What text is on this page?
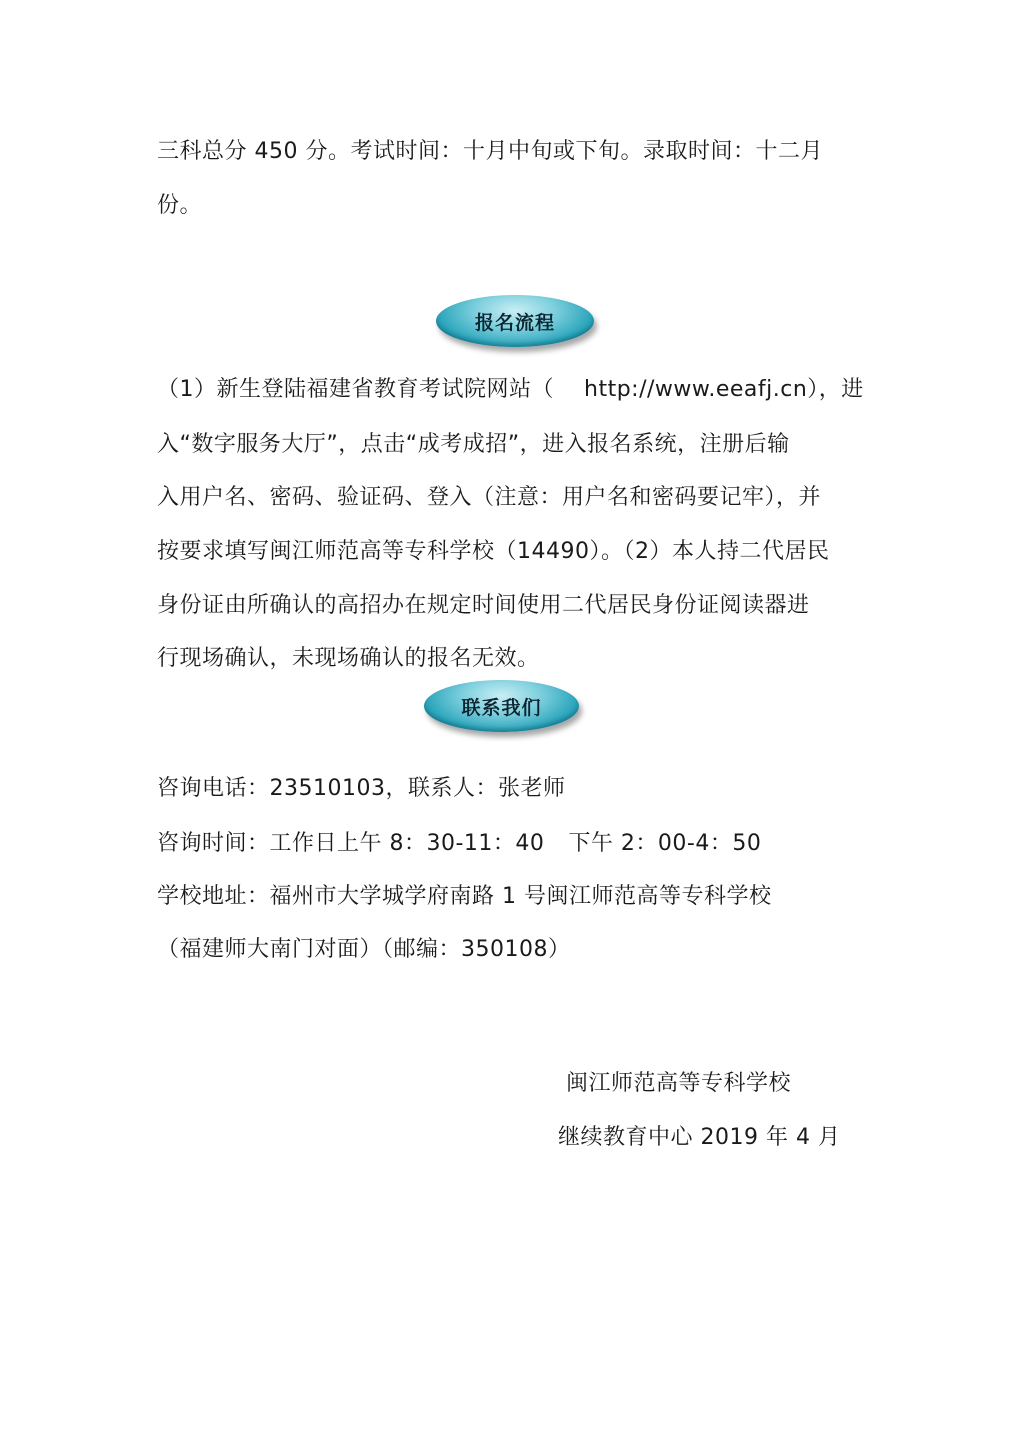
三科总分 450 分。考试时间：十月中旬或下旬。录取时间：十二月
份。
报名流程
（1）新生登陆福建省教育考试院网站（ http://www.eeafj.cn），进
入“数字服务大厅”，点击“成考成招”，进入报名系统，注册后输
入用户名、密码、验证码、登入（注意：用户名和密码要记牢），并
按要求填写闽江师范高等专科学校（14490）。（2）本人持二代居民
身份证由所确认的高招办在规定时间使用二代居民身份证阅读器进
行现场确认，未现场确认的报名无效。
联系我们
咨询电话：23510103，联系人：张老师
咨询时间：工作日上午 8：30-11：40 下午 2：00-4：50
学校地址：福州市大学城学府南路 1 号闽江师范高等专科学校
（福建师大南门对面）（邮编：350108）
闽江师范高等专科学校
继续教育中心 2019 年 4 月
